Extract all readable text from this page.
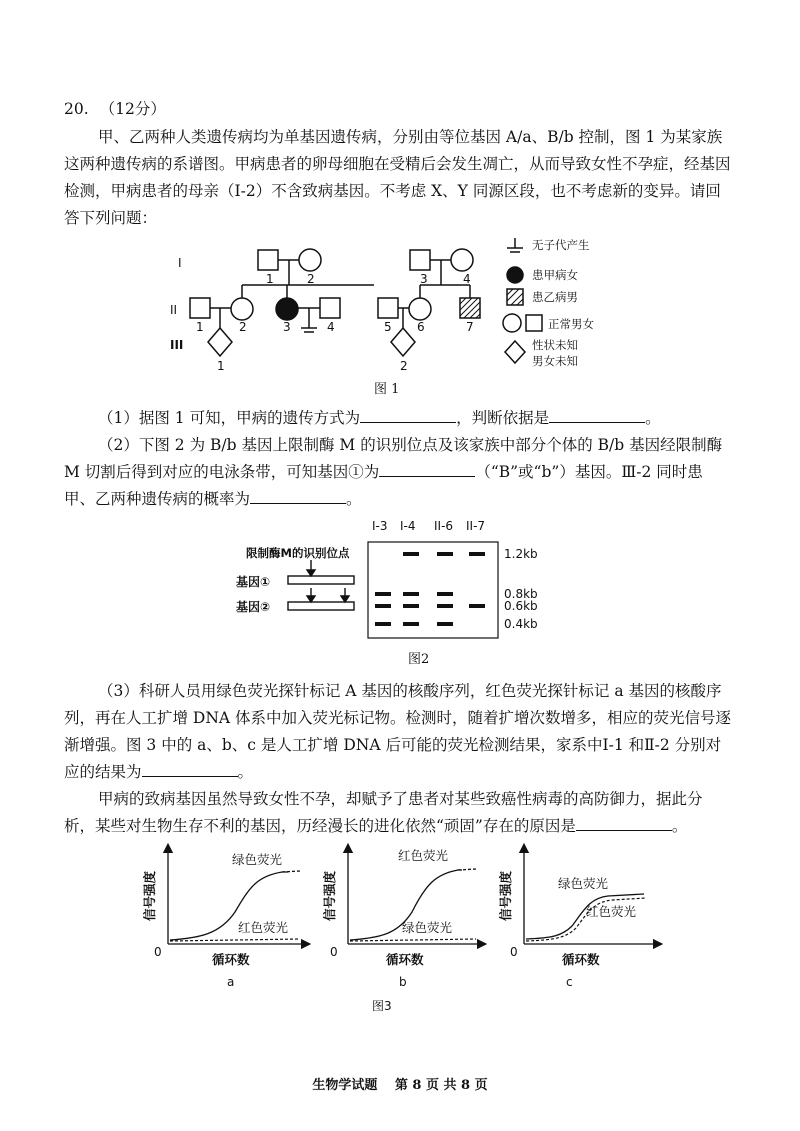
20. （12分）
甲、乙两种人类遗传病均为单基因遗传病，分别由等位基因 A/a、B/b 控制，图 1 为某家族这两种遗传病的系谱图。甲病患者的卵母细胞在受精后会发生凋亡，从而导致女性不孕症，经基因检测，甲病患者的母亲（I-2）不含致病基因。不考虑 X、Y 同源区段，也不考虑新的变异。请回答下列问题：
I
II
III
1	2	3	4
1	2	3	4	5 6	7
1	2
无子代产生
患甲病女
患乙病男
正常男女
性状未知
男女未知
图 1
（1）据图 1 可知，甲病的遗传方式为	，判断依据是	。
（2）下图 2 为 B/b 基因上限制酶 M 的识别位点及该家族中部分个体的 B/b 基因经限制酶 M 切割后得到对应的电泳条带，可知基因①为	（“B”或“b”）基因。Ⅲ-2 同时患甲、乙两种遗传病的概率为	。
限制酶M的识别位点
基因①
基因②
I-3 I-4 II-6 II-7
1.2kb
0.8kb
0.6kb
0.4kb
图2
（3）科研人员用绿色荧光探针标记 A 基因的核酸序列，红色荧光探针标记 a 基因的核酸序列，再在人工扩增 DNA 体系中加入荧光标记物。检测时，随着扩增次数增多，相应的荧光信号逐渐增强。图 3 中的 a、b、c 是人工扩增 DNA 后可能的荧光检测结果，家系中Ⅰ-1 和Ⅱ-2 分别对应的结果为	。
甲病的致病基因虽然导致女性不孕，却赋予了患者对某些致癌性病毒的高防御力，据此分析，某些对生物生存不利的基因，历经漫长的进化依然“顽固”存在的原因是	。
绿色荧光
红色荧光
信号强度
循环数
0
a
红色荧光
绿色荧光
信号强度
循环数
0
b
绿色荧光
红色荧光
信号强度
循环数
0
c
图3
生物学试题　 第 8 页 共 8 页
